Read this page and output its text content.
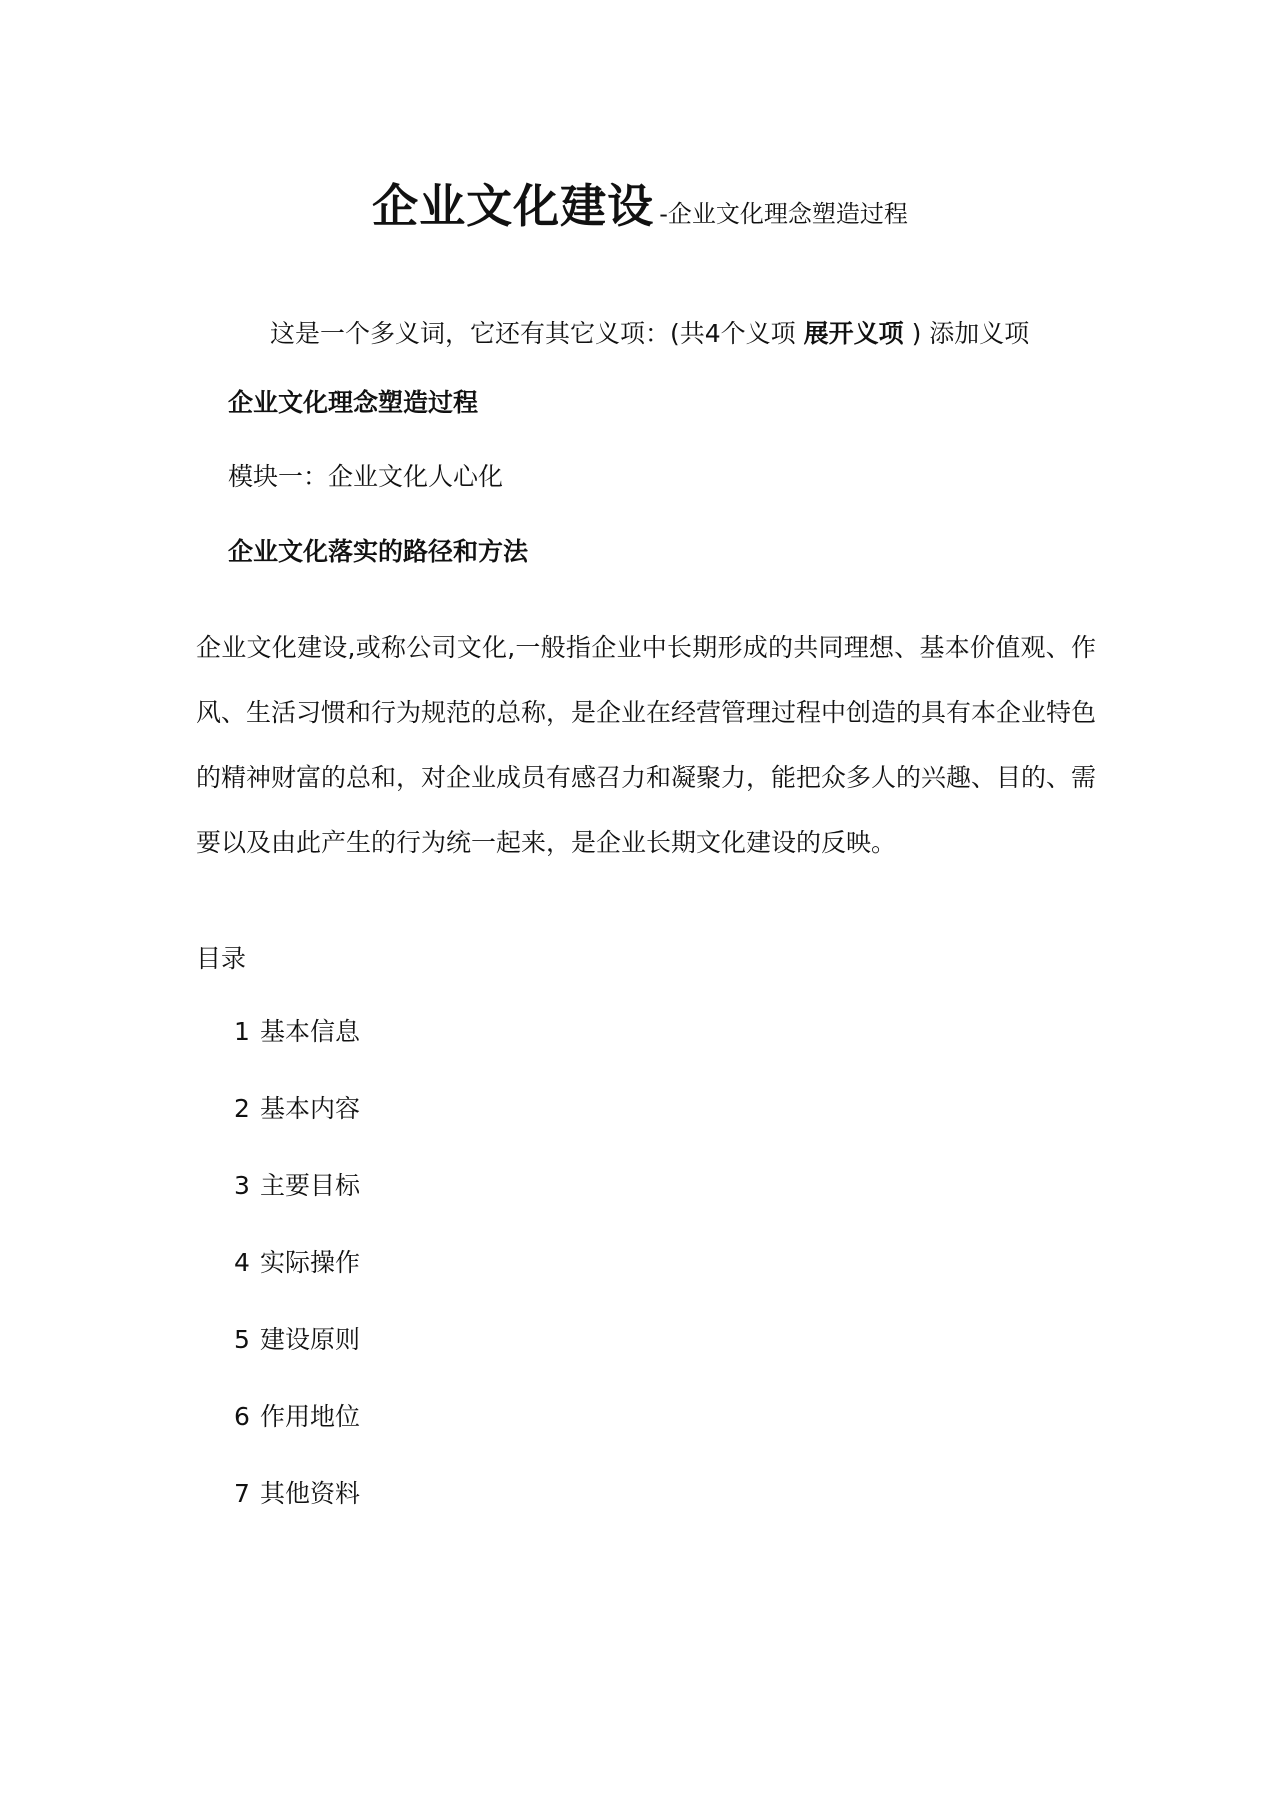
企业文化建设 -企业文化理念塑造过程
这是一个多义词，它还有其它义项：(共4个义项 展开义项 ) 添加义项
企业文化理念塑造过程
模块一：企业文化人心化
企业文化落实的路径和方法
企业文化建设,或称公司文化,一般指企业中长期形成的共同理想、基本价值观、作风、生活习惯和行为规范的总称，是企业在经营管理过程中创造的具有本企业特色的精神财富的总和，对企业成员有感召力和凝聚力，能把众多人的兴趣、目的、需要以及由此产生的行为统一起来，是企业长期文化建设的反映。
目录
1 基本信息
2 基本内容
3 主要目标
4 实际操作
5 建设原则
6 作用地位
7 其他资料
